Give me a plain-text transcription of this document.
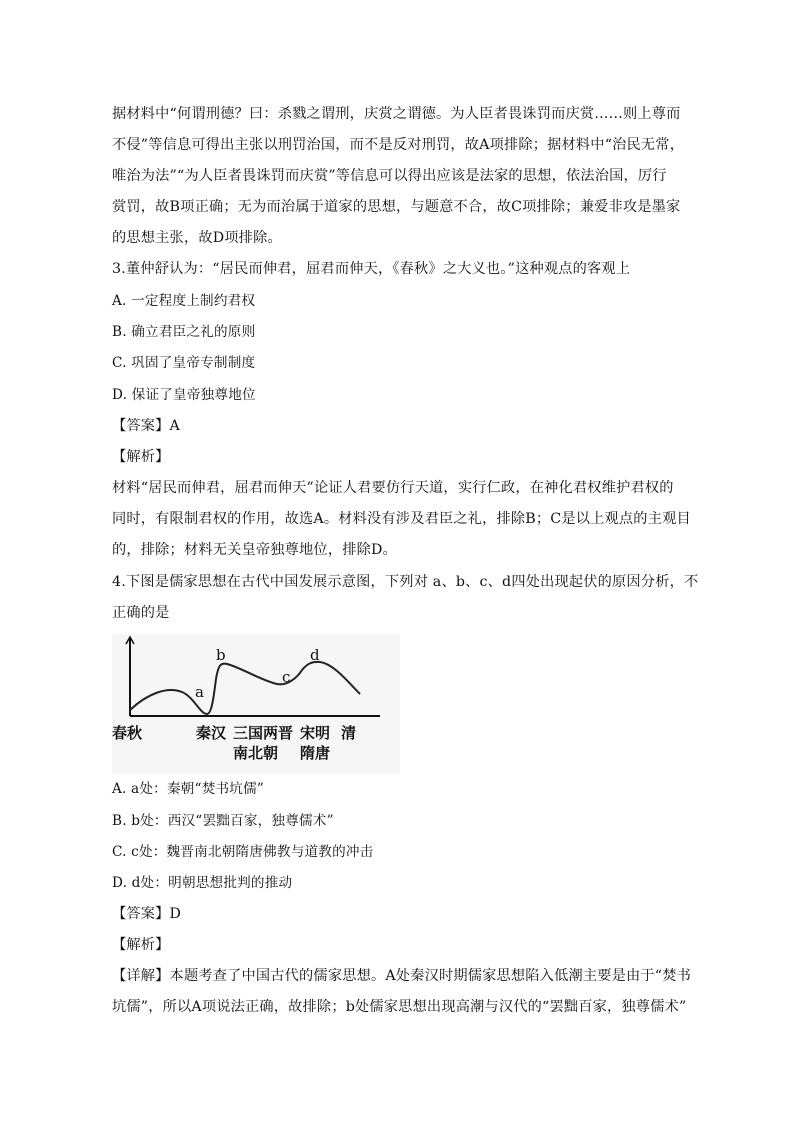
据材料中“何谓刑德？曰：杀戮之谓刑，庆赏之谓德。为人臣者畏诛罚而庆赏……则上尊而
不侵”等信息可得出主张以刑罚治国，而不是反对刑罚，故A项排除；据材料中“治民无常，
唯治为法”“为人臣者畏诛罚而庆赏”等信息可以得出应该是法家的思想，依法治国，厉行
赏罚，故B项正确；无为而治属于道家的思想，与题意不合，故C项排除；兼爱非攻是墨家
的思想主张，故D项排除。
3.董仲舒认为：“居民而伸君，屈君而伸天，《春秋》之大义也。”这种观点的客观上
A. 一定程度上制约君权
B. 确立君臣之礼的原则
C. 巩固了皇帝专制制度
D. 保证了皇帝独尊地位
【答案】A
【解析】
材料“居民而伸君，屈君而伸天”论证人君要仿行天道，实行仁政，在神化君权维护君权的
同时，有限制君权的作用，故选A。材料没有涉及君臣之礼，排除B；C是以上观点的主观目
的，排除；材料无关皇帝独尊地位，排除D。
4.下图是儒家思想在古代中国发展示意图，下列对 a、b、c、d四处出现起伏的原因分析，不
正确的是
a
b
c
d
春秋	秦汉 三国两晋 宋明 清
南北朝 隋唐
A. a处：秦朝“焚书坑儒”
B. b处：西汉“罢黜百家，独尊儒术”
C. c处：魏晋南北朝隋唐佛教与道教的冲击
D. d处：明朝思想批判的推动
【答案】D
【解析】
【详解】本题考查了中国古代的儒家思想。A处秦汉时期儒家思想陷入低潮主要是由于“焚书
坑儒”，所以A项说法正确，故排除；b处儒家思想出现高潮与汉代的“罢黜百家，独尊儒术”
